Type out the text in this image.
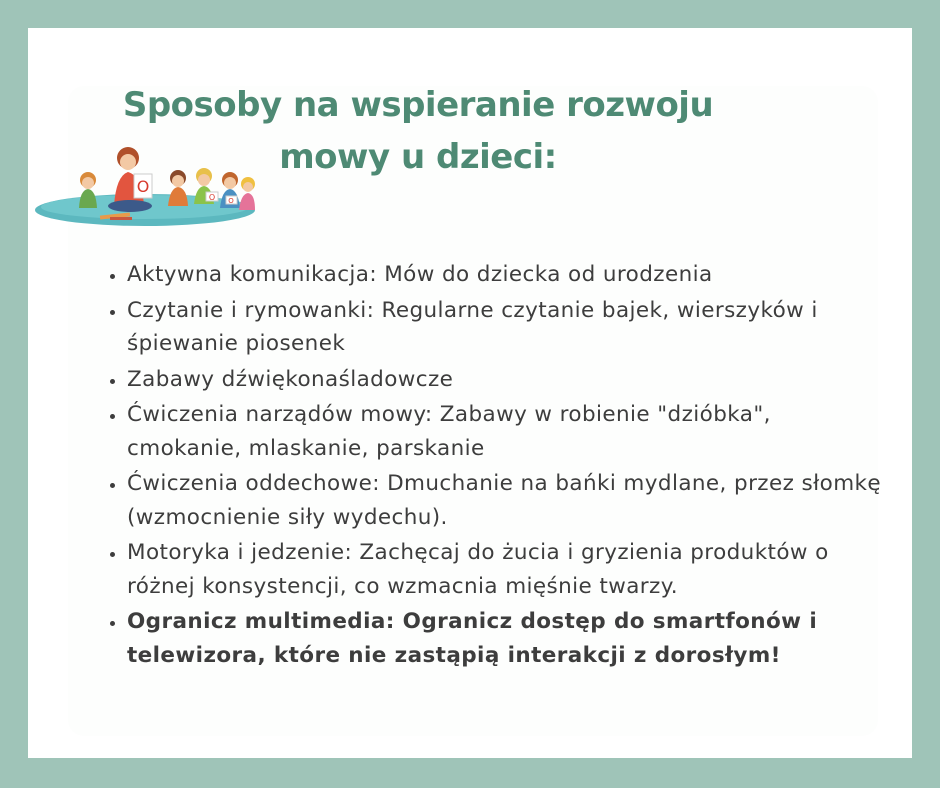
Sposoby na wspieranie rozwoju
mowy u dzieci:
O
O O
• Aktywna komunikacja: Mów do dziecka od urodzenia
• Czytanie i rymowanki: Regularne czytanie bajek, wierszyków i śpiewanie piosenek
• Zabawy dźwiękonaśladowcze
• Ćwiczenia narządów mowy: Zabawy w robienie "dzióbka", cmokanie, mlaskanie, parskanie
• Ćwiczenia oddechowe: Dmuchanie na bańki mydlane, przez słomkę (wzmocnienie siły wydechu).
• Motoryka i jedzenie: Zachęcaj do żucia i gryzienia produktów o różnej konsystencji, co wzmacnia mięśnie twarzy.
• Ogranicz multimedia: Ogranicz dostęp do smartfonów i telewizora, które nie zastąpią interakcji z dorosłym!
